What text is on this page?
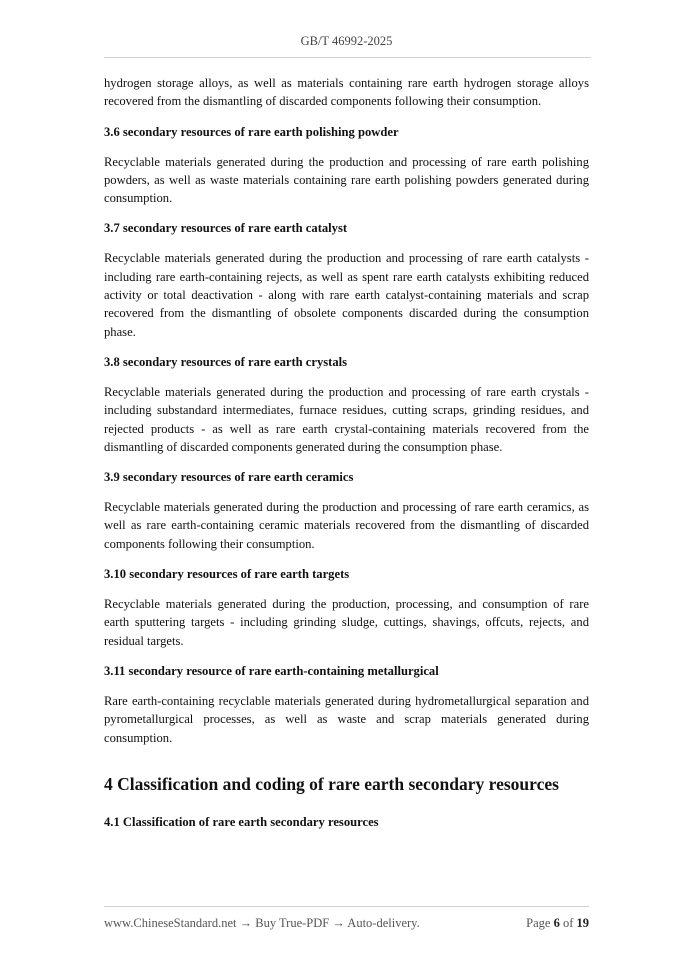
GB/T 46992-2025

hydrogen storage alloys, as well as materials containing rare earth hydrogen storage alloys recovered from the dismantling of discarded components following their consumption.

3.6 secondary resources of rare earth polishing powder

Recyclable materials generated during the production and processing of rare earth polishing powders, as well as waste materials containing rare earth polishing powders generated during consumption.

3.7 secondary resources of rare earth catalyst

Recyclable materials generated during the production and processing of rare earth catalysts - including rare earth-containing rejects, as well as spent rare earth catalysts exhibiting reduced activity or total deactivation - along with rare earth catalyst-containing materials and scrap recovered from the dismantling of obsolete components discarded during the consumption phase.

3.8 secondary resources of rare earth crystals

Recyclable materials generated during the production and processing of rare earth crystals - including substandard intermediates, furnace residues, cutting scraps, grinding residues, and rejected products - as well as rare earth crystal-containing materials recovered from the dismantling of discarded components generated during the consumption phase.

3.9 secondary resources of rare earth ceramics

Recyclable materials generated during the production and processing of rare earth ceramics, as well as rare earth-containing ceramic materials recovered from the dismantling of discarded components following their consumption.

3.10 secondary resources of rare earth targets

Recyclable materials generated during the production, processing, and consumption of rare earth sputtering targets - including grinding sludge, cuttings, shavings, offcuts, rejects, and residual targets.

3.11 secondary resource of rare earth-containing metallurgical

Rare earth-containing recyclable materials generated during hydrometallurgical separation and pyrometallurgical processes, as well as waste and scrap materials generated during consumption.

4 Classification and coding of rare earth secondary resources
4.1 Classification of rare earth secondary resources
www.ChineseStandard.net → Buy True-PDF → Auto-delivery.	Page 6 of 19
